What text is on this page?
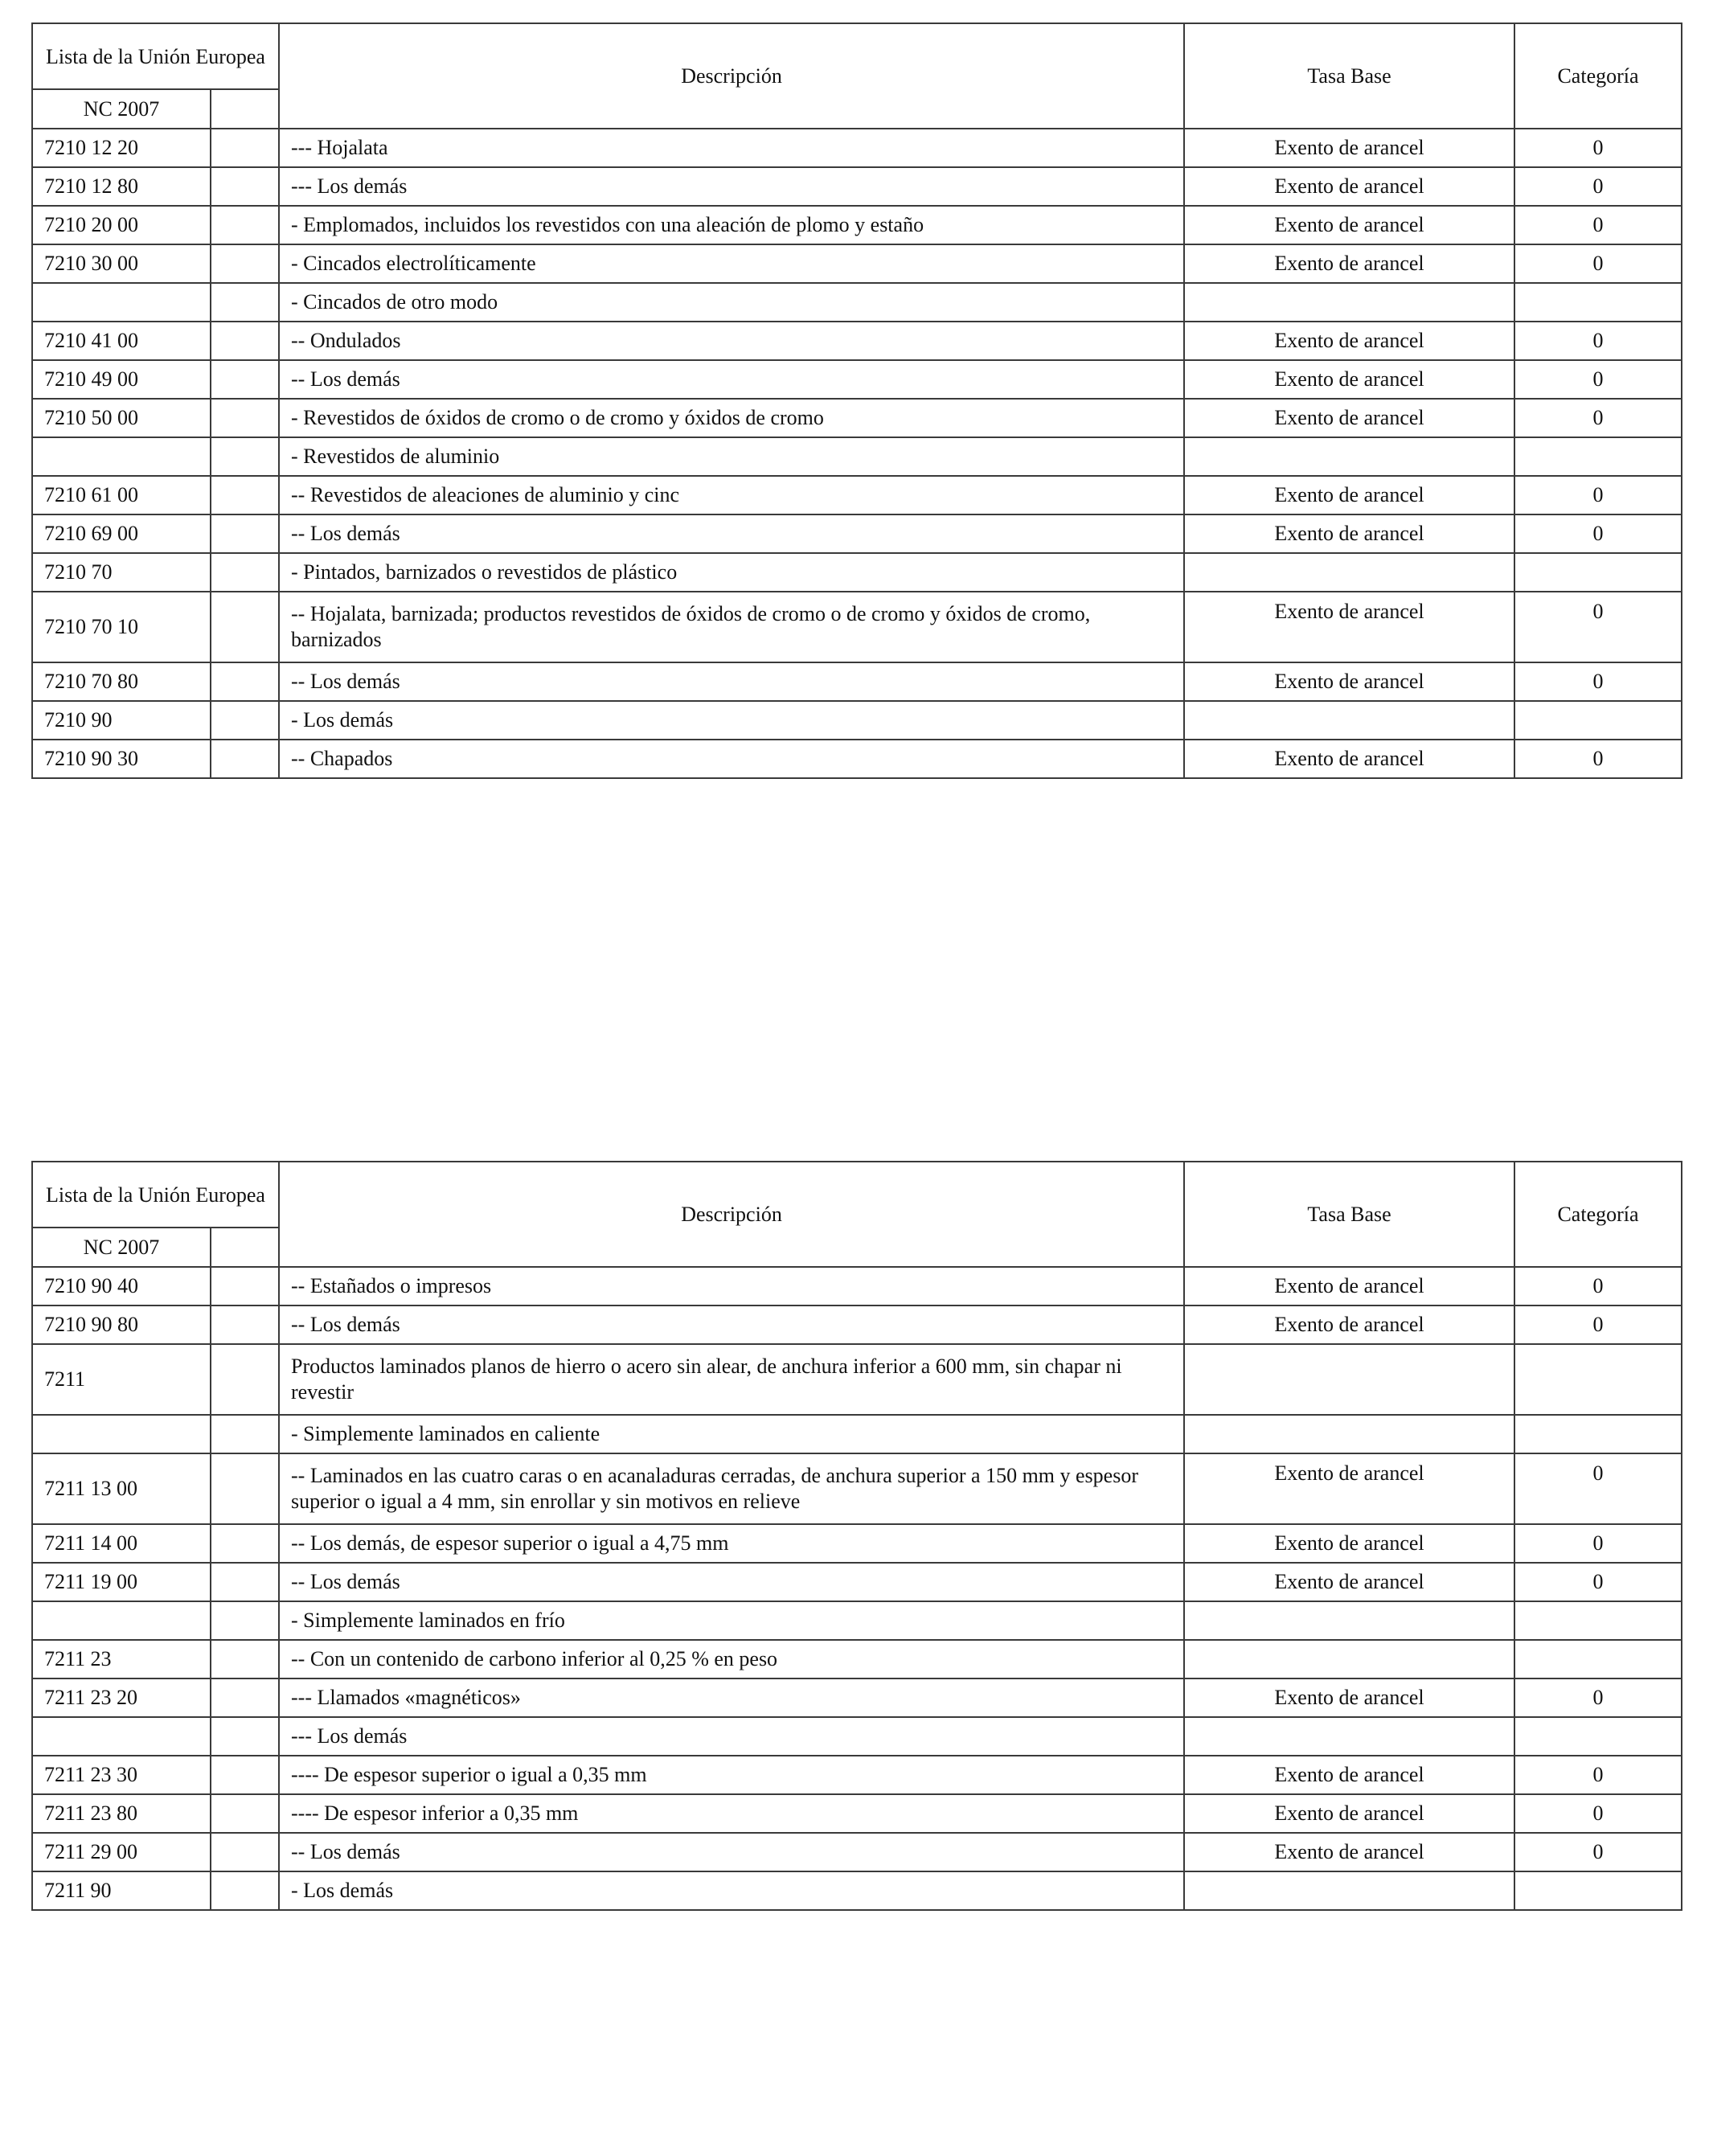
Lista de la Unión Europea		Descripción	Tasa Base	Categoría
NC 2007				
7210 12 20		--- Hojalata	Exento de arancel	0
7210 12 80		--- Los demás	Exento de arancel	0
7210 20 00		- Emplomados, incluidos los revestidos con una aleación de plomo y estaño	Exento de arancel	0
7210 30 00		- Cincados electrolíticamente	Exento de arancel	0
		- Cincados de otro modo		
7210 41 00		-- Ondulados	Exento de arancel	0
7210 49 00		-- Los demás	Exento de arancel	0
7210 50 00		- Revestidos de óxidos de cromo o de cromo y óxidos de cromo	Exento de arancel	0
		- Revestidos de aluminio		
7210 61 00		-- Revestidos de aleaciones de aluminio y cinc	Exento de arancel	0
7210 69 00		-- Los demás	Exento de arancel	0
7210 70		- Pintados, barnizados o revestidos de plástico		
7210 70 10		-- Hojalata, barnizada; productos revestidos de óxidos de cromo o de cromo y óxidos de cromo, barnizados	Exento de arancel	0
7210 70 80		-- Los demás	Exento de arancel	0
7210 90		- Los demás		
7210 90 30		-- Chapados	Exento de arancel	0
Lista de la Unión Europea		Descripción	Tasa Base	Categoría
NC 2007				
7210 90 40		-- Estañados o impresos	Exento de arancel	0
7210 90 80		-- Los demás	Exento de arancel	0
7211		Productos laminados planos de hierro o acero sin alear, de anchura inferior a 600 mm, sin chapar ni revestir		
		- Simplemente laminados en caliente		
7211 13 00		-- Laminados en las cuatro caras o en acanaladuras cerradas, de anchura superior a 150 mm y espesor superior o igual a 4 mm, sin enrollar y sin motivos en relieve	Exento de arancel	0
7211 14 00		-- Los demás, de espesor superior o igual a 4,75 mm	Exento de arancel	0
7211 19 00		-- Los demás	Exento de arancel	0
		- Simplemente laminados en frío		
7211 23		-- Con un contenido de carbono inferior al 0,25 % en peso		
7211 23 20		--- Llamados «magnéticos»	Exento de arancel	0
		--- Los demás		
7211 23 30		---- De espesor superior o igual a 0,35 mm	Exento de arancel	0
7211 23 80		---- De espesor inferior a 0,35 mm	Exento de arancel	0
7211 29 00		-- Los demás	Exento de arancel	0
7211 90		- Los demás		
